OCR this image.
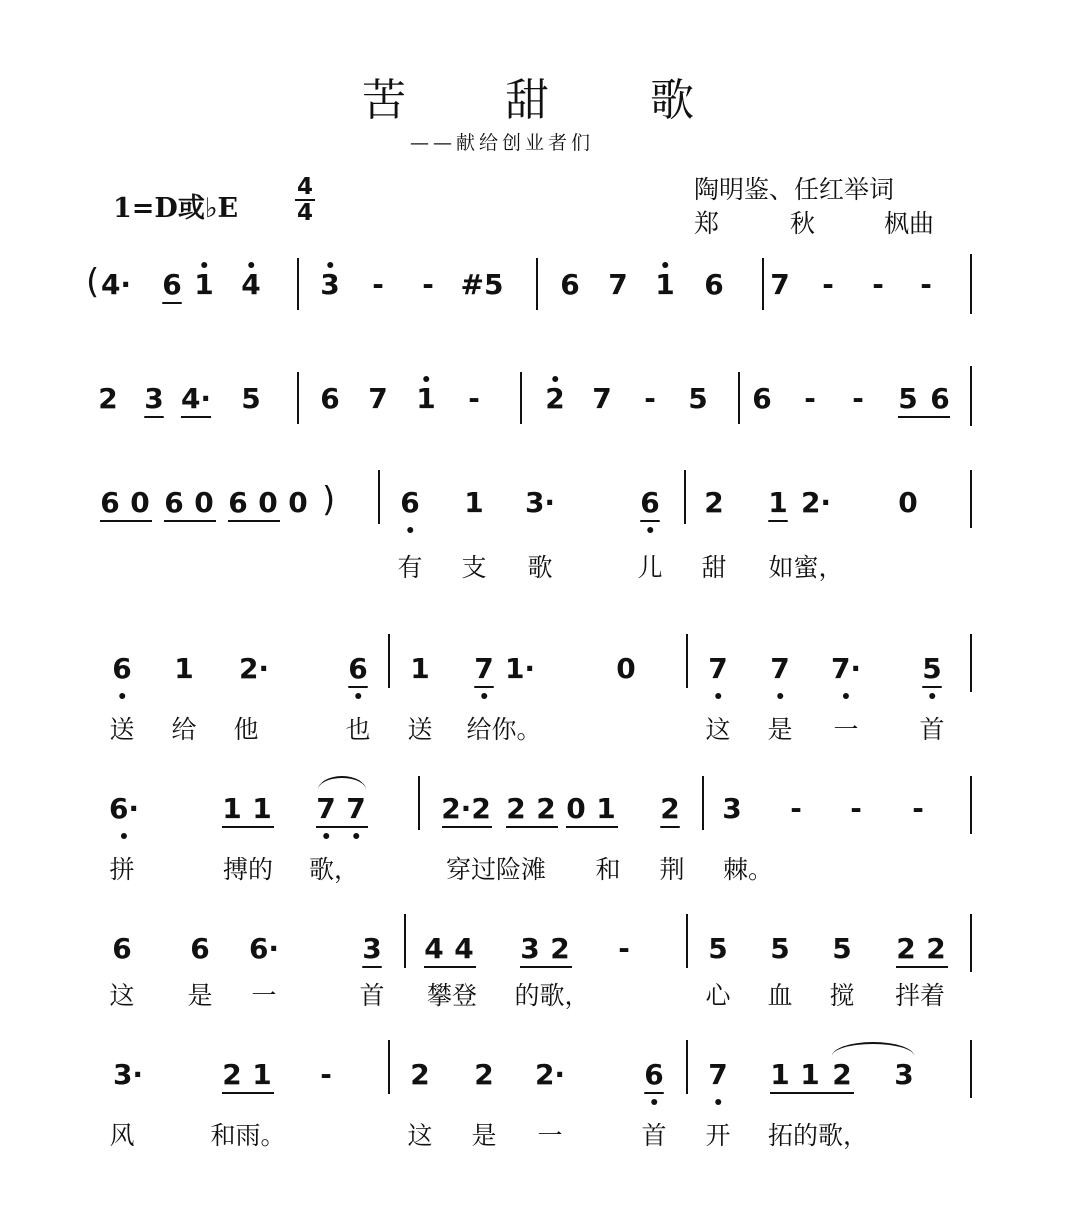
苦 甜 歌
——献给创业者们
1=D或♭E
4
4
陶明鉴、任红举词
郑	秋	枫曲
( 4· 6 1 4 3 - - #5 6 7 1 6 7 - - -
2 3 4· 5 6 7 1 - 2 7 - 5 6 - - 5 6
6 0 6 0 6 0 0 ) 6 1 3·	6 2 1 2· 0
有 支 歌	儿 甜 如蜜，
6 1 2·	6 1 7 1·	0	7 7 7· 5
送 给 他	也 送 给你。	这 是 一 首
6·	1 1 7 7	2·2 2 2 0 1 2 3 - - -
拼	搏的 歌，	穿过险滩 和 荆 棘。
6 6 6·	3 4 4 3 2 -	5 5 5 2 2
这 是 一	首 攀登 的歌，	心 血 搅 拌着
3·	2 1 -	2 2 2·	6 7 1 1 2 3
风	和雨。	这 是 一	首 开 拓的歌，
